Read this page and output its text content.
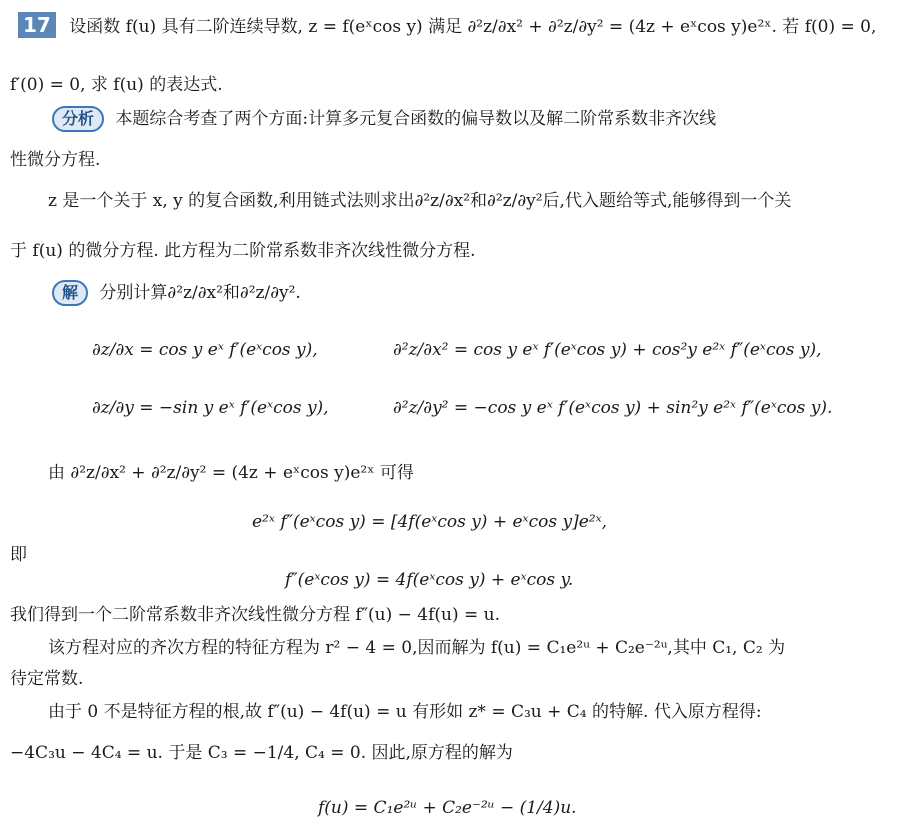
17 设函数 f(u) 具有二阶连续导数, z = f(eˣcos y) 满足 ∂²z/∂x² + ∂²z/∂y² = (4z + eˣcos y)e²ˣ. 若 f(0) = 0,
f′(0) = 0, 求 f(u) 的表达式.
分析 本题综合考查了两个方面:计算多元复合函数的偏导数以及解二阶常系数非齐次线
性微分方程.
z 是一个关于 x, y 的复合函数,利用链式法则求出∂²z/∂x²和∂²z/∂y²后,代入题给等式,能够得到一个关
于 f(u) 的微分方程. 此方程为二阶常系数非齐次线性微分方程.
解 分别计算∂²z/∂x²和∂²z/∂y².
∂z/∂x = cos y eˣ f′(eˣcos y),	∂²z/∂x² = cos y eˣ f′(eˣcos y) + cos²y e²ˣ f″(eˣcos y),
∂z/∂y = −sin y eˣ f′(eˣcos y),	∂²z/∂y² = −cos y eˣ f′(eˣcos y) + sin²y e²ˣ f″(eˣcos y).
由 ∂²z/∂x² + ∂²z/∂y² = (4z + eˣcos y)e²ˣ 可得
e²ˣ f″(eˣcos y) = [4f(eˣcos y) + eˣcos y]e²ˣ,
即
f″(eˣcos y) = 4f(eˣcos y) + eˣcos y.
我们得到一个二阶常系数非齐次线性微分方程 f″(u) − 4f(u) = u.
该方程对应的齐次方程的特征方程为 r² − 4 = 0,因而解为 f(u) = C₁e²ᵘ + C₂e⁻²ᵘ,其中 C₁, C₂ 为
待定常数.
由于 0 不是特征方程的根,故 f″(u) − 4f(u) = u 有形如 z* = C₃u + C₄ 的特解. 代入原方程得:
−4C₃u − 4C₄ = u. 于是 C₃ = −1/4, C₄ = 0. 因此,原方程的解为
f(u) = C₁e²ᵘ + C₂e⁻²ᵘ − (1/4)u.
